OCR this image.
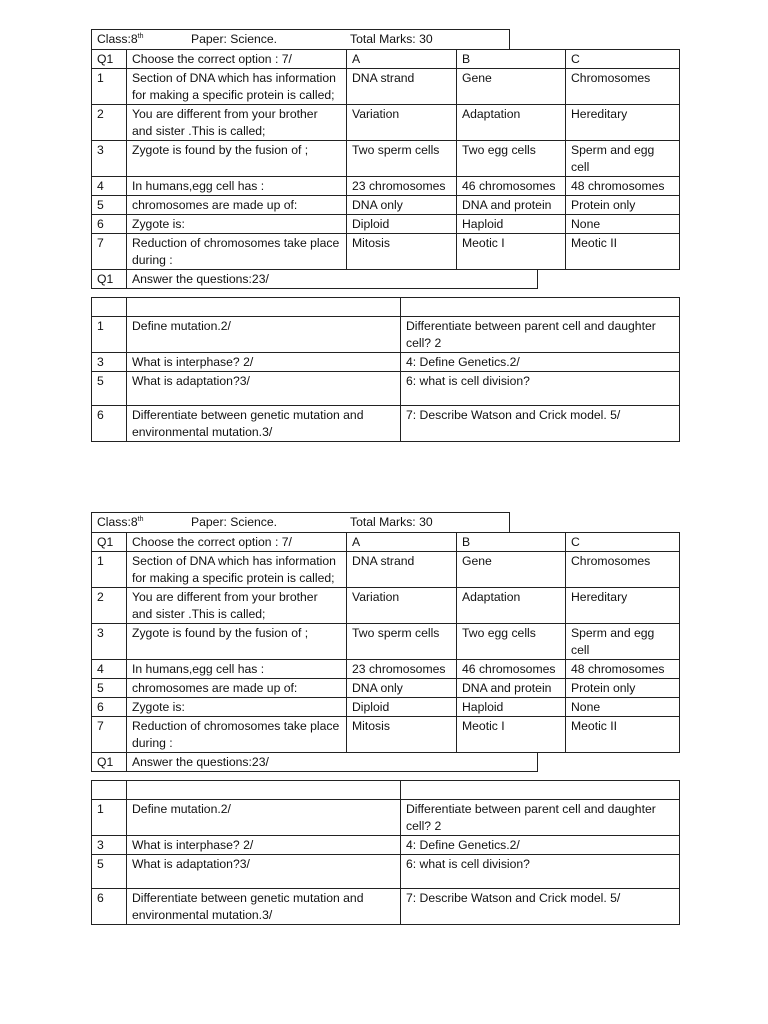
Class:8th	Paper: Science.	Total Marks: 30
Q1	Choose the correct option : 7/	A	B	C
1	Section of DNA which has information for making a specific protein is called;	DNA strand	Gene	Chromosomes
2	You are different from your brother and sister .This is called;	Variation	Adaptation	Hereditary
3	Zygote is found by the fusion of ;	Two sperm cells	Two egg cells	Sperm and egg cell
4	In humans,egg cell has :	23 chromosomes	46 chromosomes	48 chromosomes
5	chromosomes are made up of:	DNA only	DNA and protein	Protein only
6	Zygote is:	Diploid	Haploid	None
7	Reduction of chromosomes take place during :	Mitosis	Meotic I	Meotic II
Q1	Answer the questions:23/

1	Define mutation.2/	Differentiate between parent cell and daughter cell? 2
3	What is interphase? 2/	4: Define Genetics.2/
5	What is adaptation?3/	6: what is cell division?
6	Differentiate between genetic mutation and environmental mutation.3/	7: Describe Watson and Crick model. 5/
Class:8th	Paper: Science.	Total Marks: 30
Q1	Choose the correct option : 7/	A	B	C
1	Section of DNA which has information for making a specific protein is called;	DNA strand	Gene	Chromosomes
2	You are different from your brother and sister .This is called;	Variation	Adaptation	Hereditary
3	Zygote is found by the fusion of ;	Two sperm cells	Two egg cells	Sperm and egg cell
4	In humans,egg cell has :	23 chromosomes	46 chromosomes	48 chromosomes
5	chromosomes are made up of:	DNA only	DNA and protein	Protein only
6	Zygote is:	Diploid	Haploid	None
7	Reduction of chromosomes take place during :	Mitosis	Meotic I	Meotic II
Q1	Answer the questions:23/

1	Define mutation.2/	Differentiate between parent cell and daughter cell? 2
3	What is interphase? 2/	4: Define Genetics.2/
5	What is adaptation?3/	6: what is cell division?
6	Differentiate between genetic mutation and environmental mutation.3/	7: Describe Watson and Crick model. 5/
